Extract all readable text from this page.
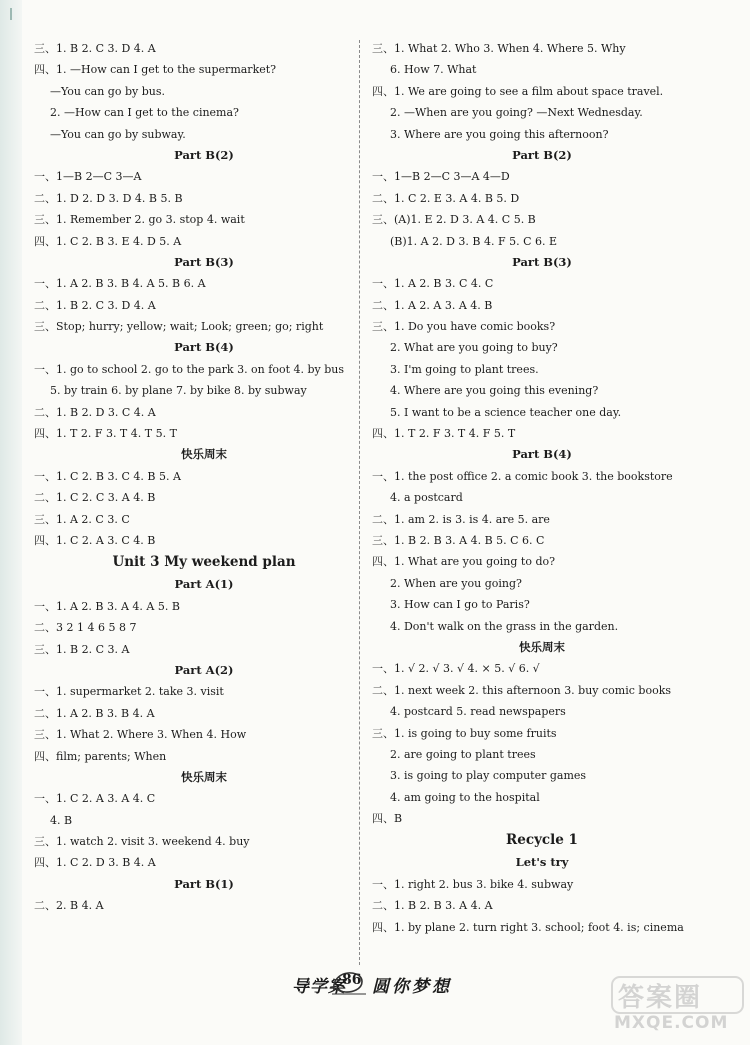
三、1. B 2. C 3. D 4. A
四、1. —How can I get to the supermarket?
—You can go by bus.
2. —How can I get to the cinema?
—You can go by subway.
Part B(2)
一、1—B 2—C 3—A
二、1. D 2. D 3. D 4. B 5. B
三、1. Remember 2. go 3. stop 4. wait
四、1. C 2. B 3. E 4. D 5. A
Part B(3)
一、1. A 2. B 3. B 4. A 5. B 6. A
二、1. B 2. C 3. D 4. A
三、Stop; hurry; yellow; wait; Look; green; go; right
Part B(4)
一、1. go to school 2. go to the park 3. on foot 4. by bus
5. by train 6. by plane 7. by bike 8. by subway
二、1. B 2. D 3. C 4. A
四、1. T 2. F 3. T 4. T 5. T
快乐周末
一、1. C 2. B 3. C 4. B 5. A
二、1. C 2. C 3. A 4. B
三、1. A 2. C 3. C
四、1. C 2. A 3. C 4. B
Unit 3 My weekend plan
Part A(1)
一、1. A 2. B 3. A 4. A 5. B
二、3 2 1 4 6 5 8 7
三、1. B 2. C 3. A
Part A(2)
一、1. supermarket 2. take 3. visit
二、1. A 2. B 3. B 4. A
三、1. What 2. Where 3. When 4. How
四、film; parents; When
快乐周末
一、1. C 2. A 3. A 4. C
4. B
三、1. watch 2. visit 3. weekend 4. buy
四、1. C 2. D 3. B 4. A
Part B(1)
二、2. B 4. A
三、1. What 2. Who 3. When 4. Where 5. Why
6. How 7. What
四、1. We are going to see a film about space travel.
2. —When are you going? —Next Wednesday.
3. Where are you going this afternoon?
Part B(2)
一、1—B 2—C 3—A 4—D
二、1. C 2. E 3. A 4. B 5. D
三、(A)1. E 2. D 3. A 4. C 5. B
(B)1. A 2. D 3. B 4. F 5. C 6. E
Part B(3)
一、1. A 2. B 3. C 4. C
二、1. A 2. A 3. A 4. B
三、1. Do you have comic books?
2. What are you going to buy?
3. I'm going to plant trees.
4. Where are you going this evening?
5. I want to be a science teacher one day.
四、1. T 2. F 3. T 4. F 5. T
Part B(4)
一、1. the post office 2. a comic book 3. the bookstore
4. a postcard
二、1. am 2. is 3. is 4. are 5. are
三、1. B 2. B 3. A 4. B 5. C 6. C
四、1. What are you going to do?
2. When are you going?
3. How can I go to Paris?
4. Don't walk on the grass in the garden.
快乐周末
一、1. √ 2. √ 3. √ 4. × 5. √ 6. √
二、1. next week 2. this afternoon 3. buy comic books
4. postcard 5. read newspapers
三、1. is going to buy some fruits
2. are going to plant trees
3. is going to play computer games
4. am going to the hospital
四、B
Recycle 1
Let's try
一、1. right 2. bus 3. bike 4. subway
二、1. B 2. B 3. A 4. A
四、1. by plane 2. turn right 3. school; foot 4. is; cinema
导学案
86 圆你梦想	答案圈
MXQE.COM
